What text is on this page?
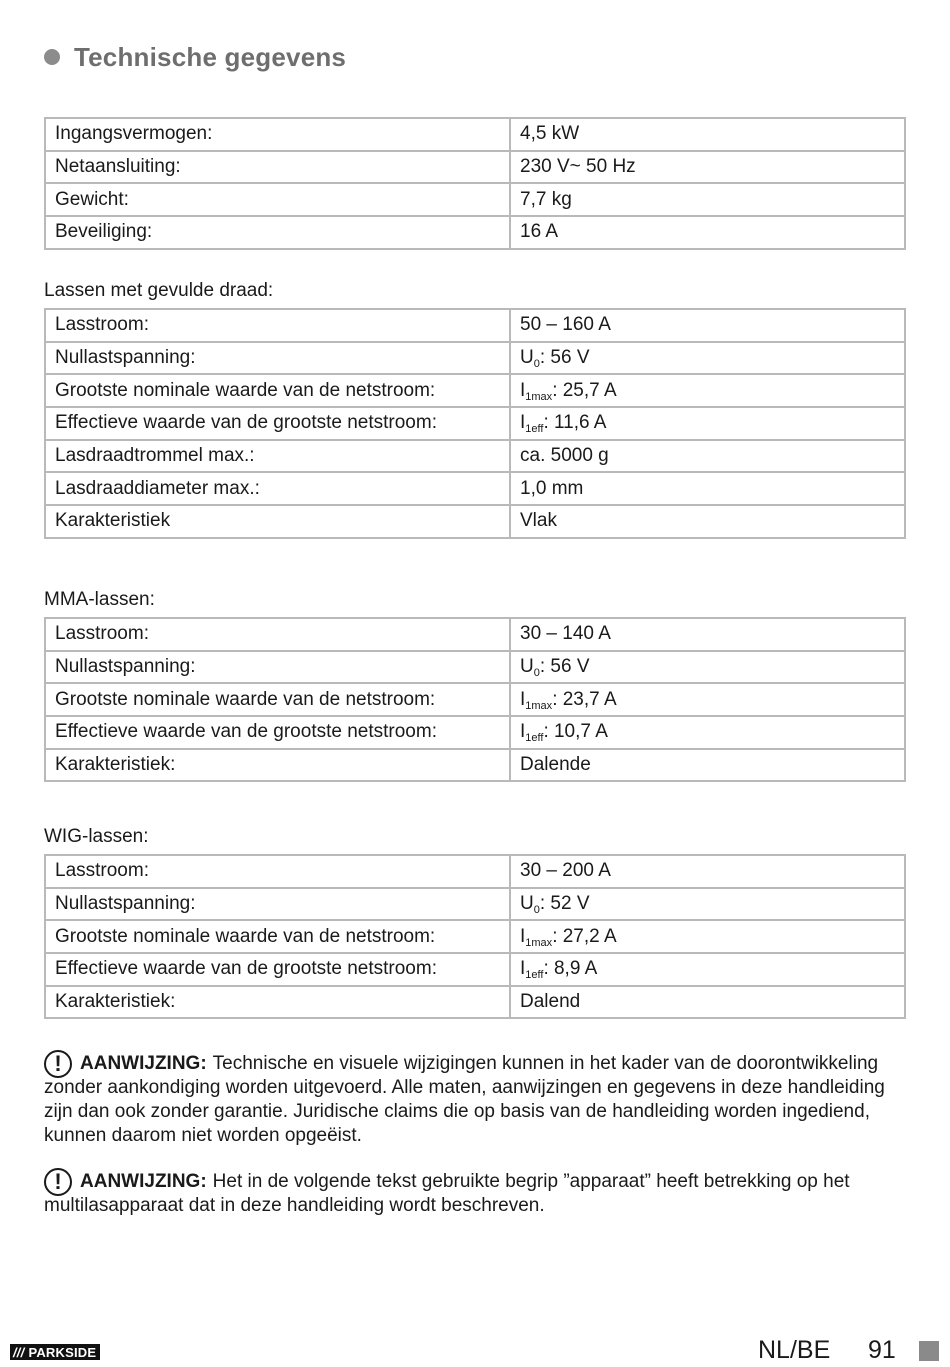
Technische gegevens
Ingangsvermogen:	4,5 kW
Netaansluiting:	230 V~ 50 Hz
Gewicht:	7,7 kg
Beveiliging:	16 A
Lassen met gevulde draad:
Lasstroom:	50 – 160 A
Nullastspanning:	$U_0$: 56 V
Grootste nominale waarde van de netstroom:	$I_{1max}$: 25,7 A
Effectieve waarde van de grootste netstroom:	$I_{1eff}$: 11,6 A
Lasdraadtrommel max.:	ca. 5000 g
Lasdraaddiameter max.:	1,0 mm
Karakteristiek	Vlak
MMA-lassen:
Lasstroom:	30 – 140 A
Nullastspanning:	$U_0$: 56 V
Grootste nominale waarde van de netstroom:	$I_{1max}$: 23,7 A
Effectieve waarde van de grootste netstroom:	$I_{1eff}$: 10,7 A
Karakteristiek:	Dalende
WIG-lassen:
Lasstroom:	30 – 200 A
Nullastspanning:	$U_0$: 52 V
Grootste nominale waarde van de netstroom:	$I_{1max}$: 27,2 A
Effectieve waarde van de grootste netstroom:	$I_{1eff}$: 8,9 A
Karakteristiek:	Dalend
! AANWIJZING: Technische en visuele wijzigingen kunnen in het kader van de doorontwikkeling
zonder aankondiging worden uitgevoerd. Alle maten, aanwijzingen en gegevens in deze handleiding
zijn dan ook zonder garantie. Juridische claims die op basis van de handleiding worden ingediend,
kunnen daarom niet worden opgeëist.
! AANWIJZING: Het in de volgende tekst gebruikte begrip ”apparaat” heeft betrekking op het
multilasapparaat dat in deze handleiding wordt beschreven.
/// PARKSIDE	NL/BE 91
